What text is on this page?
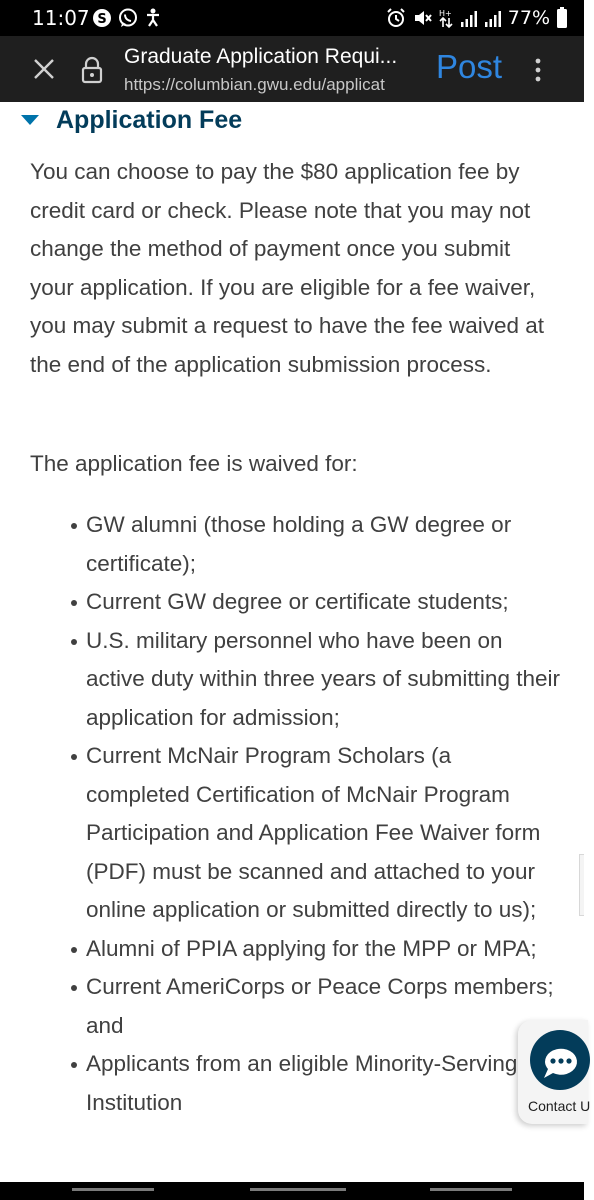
11:07 S	H+	77%
Graduate Application Requi...
https://columbian.gwu.edu/applicat	Post
Application Fee

You can choose to pay the $80 application fee by credit card or check. Please note that you may not change the method of payment once you submit your application. If you are eligible for a fee waiver, you may submit a request to have the fee waived at the end of the application submission process.

The application fee is waived for:

GW alumni (those holding a GW degree or certificate);
Current GW degree or certificate students;
U.S. military personnel who have been on active duty within three years of submitting their application for admission;
Current McNair Program Scholars (a completed Certification of McNair Program Participation and Application Fee Waiver form (PDF) must be scanned and attached to your online application or submitted directly to us);
Alumni of PPIA applying for the MPP or MPA;
Current AmeriCorps or Peace Corps members; and
Applicants from an eligible Minority-Serving Institution	Contact U
